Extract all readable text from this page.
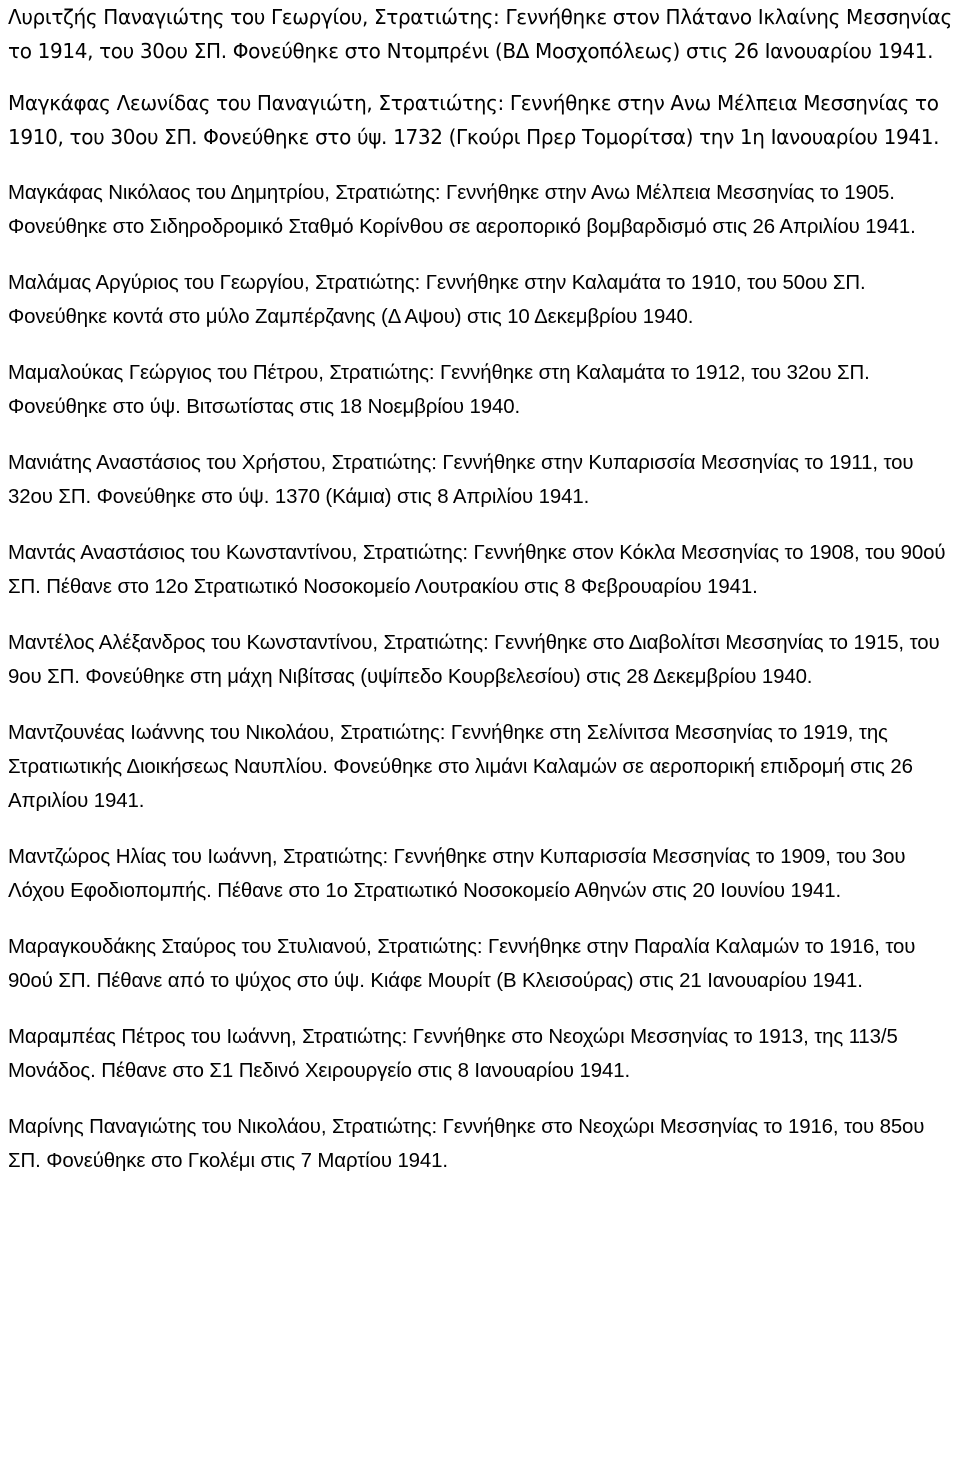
Λυριτζής Παναγιώτης του Γεωργίου, Στρατιώτης: Γεννήθηκε στον Πλάτανο Ικλαίνης Μεσσηνίας το 1914, του 30ου ΣΠ. Φονεύθηκε στο Ντομπρένι (ΒΔ Μοσχοπόλεως) στις 26 Ιανουαρίου 1941.

Μαγκάφας Λεωνίδας του Παναγιώτη, Στρατιώτης: Γεννήθηκε στην Ανω Μέλπεια Μεσσηνίας το 1910, του 30ου ΣΠ. Φονεύθηκε στο ύψ. 1732 (Γκούρι Πρερ Τομορίτσα) την 1η Ιανουαρίου 1941.

Μαγκάφας Νικόλαος του Δημητρίου, Στρατιώτης: Γεννήθηκε στην Ανω Μέλπεια Μεσσηνίας το 1905. Φονεύθηκε στο Σιδηροδρομικό Σταθμό Κορίνθου σε αεροπορικό βομβαρδισμό στις 26 Απριλίου 1941.

Μαλάμας Αργύριος του Γεωργίου, Στρατιώτης: Γεννήθηκε στην Καλαμάτα το 1910, του 50ου ΣΠ. Φονεύθηκε κοντά στο μύλο Ζαμπέρζανης (Δ Αψου) στις 10 Δεκεμβρίου 1940.

Μαμαλούκας Γεώργιος του Πέτρου, Στρατιώτης: Γεννήθηκε στη Καλαμάτα το 1912, του 32ου ΣΠ. Φονεύθηκε στο ύψ. Βιτσωτίστας στις 18 Νοεμβρίου 1940.

Μανιάτης Αναστάσιος του Χρήστου, Στρατιώτης: Γεννήθηκε στην Κυπαρισσία Μεσσηνίας το 1911, του 32ου ΣΠ. Φονεύθηκε στο ύψ. 1370 (Κάμια) στις 8 Απριλίου 1941.

Μαντάς Αναστάσιος του Κωνσταντίνου, Στρατιώτης: Γεννήθηκε στον Κόκλα Μεσσηνίας το 1908, του 90ού ΣΠ. Πέθανε στο 12ο Στρατιωτικό Νοσοκομείο Λουτρακίου στις 8 Φεβρουαρίου 1941.

Μαντέλος Αλέξανδρος του Κωνσταντίνου, Στρατιώτης: Γεννήθηκε στο Διαβολίτσι Μεσσηνίας το 1915, του 9ου ΣΠ. Φονεύθηκε στη μάχη Νιβίτσας (υψίπεδο Κουρβελεσίου) στις 28 Δεκεμβρίου 1940.

Μαντζουνέας Ιωάννης του Νικολάου, Στρατιώτης: Γεννήθηκε στη Σελίνιτσα Μεσσηνίας το 1919, της Στρατιωτικής Διοικήσεως Ναυπλίου. Φονεύθηκε στο λιμάνι Καλαμών σε αεροπορική επιδρομή στις 26 Απριλίου 1941.

Μαντζώρος Ηλίας του Ιωάννη, Στρατιώτης: Γεννήθηκε στην Κυπαρισσία Μεσσηνίας το 1909, του 3ου Λόχου Εφοδιοπομπής. Πέθανε στο 1ο Στρατιωτικό Νοσοκομείο Αθηνών στις 20 Ιουνίου 1941.

Μαραγκουδάκης Σταύρος του Στυλιανού, Στρατιώτης: Γεννήθηκε στην Παραλία Καλαμών το 1916, του 90ού ΣΠ. Πέθανε από το ψύχος στο ύψ. Κιάφε Μουρίτ (Β Κλεισούρας) στις 21 Ιανουαρίου 1941.

Μαραμπέας Πέτρος του Ιωάννη, Στρατιώτης: Γεννήθηκε στο Νεοχώρι Μεσσηνίας το 1913, της 113/5 Μονάδος. Πέθανε στο Σ1 Πεδινό Χειρουργείο στις 8 Ιανουαρίου 1941.

Μαρίνης Παναγιώτης του Νικολάου, Στρατιώτης: Γεννήθηκε στο Νεοχώρι Μεσσηνίας το 1916, του 85ου ΣΠ. Φονεύθηκε στο Γκολέμι στις 7 Μαρτίου 1941.
